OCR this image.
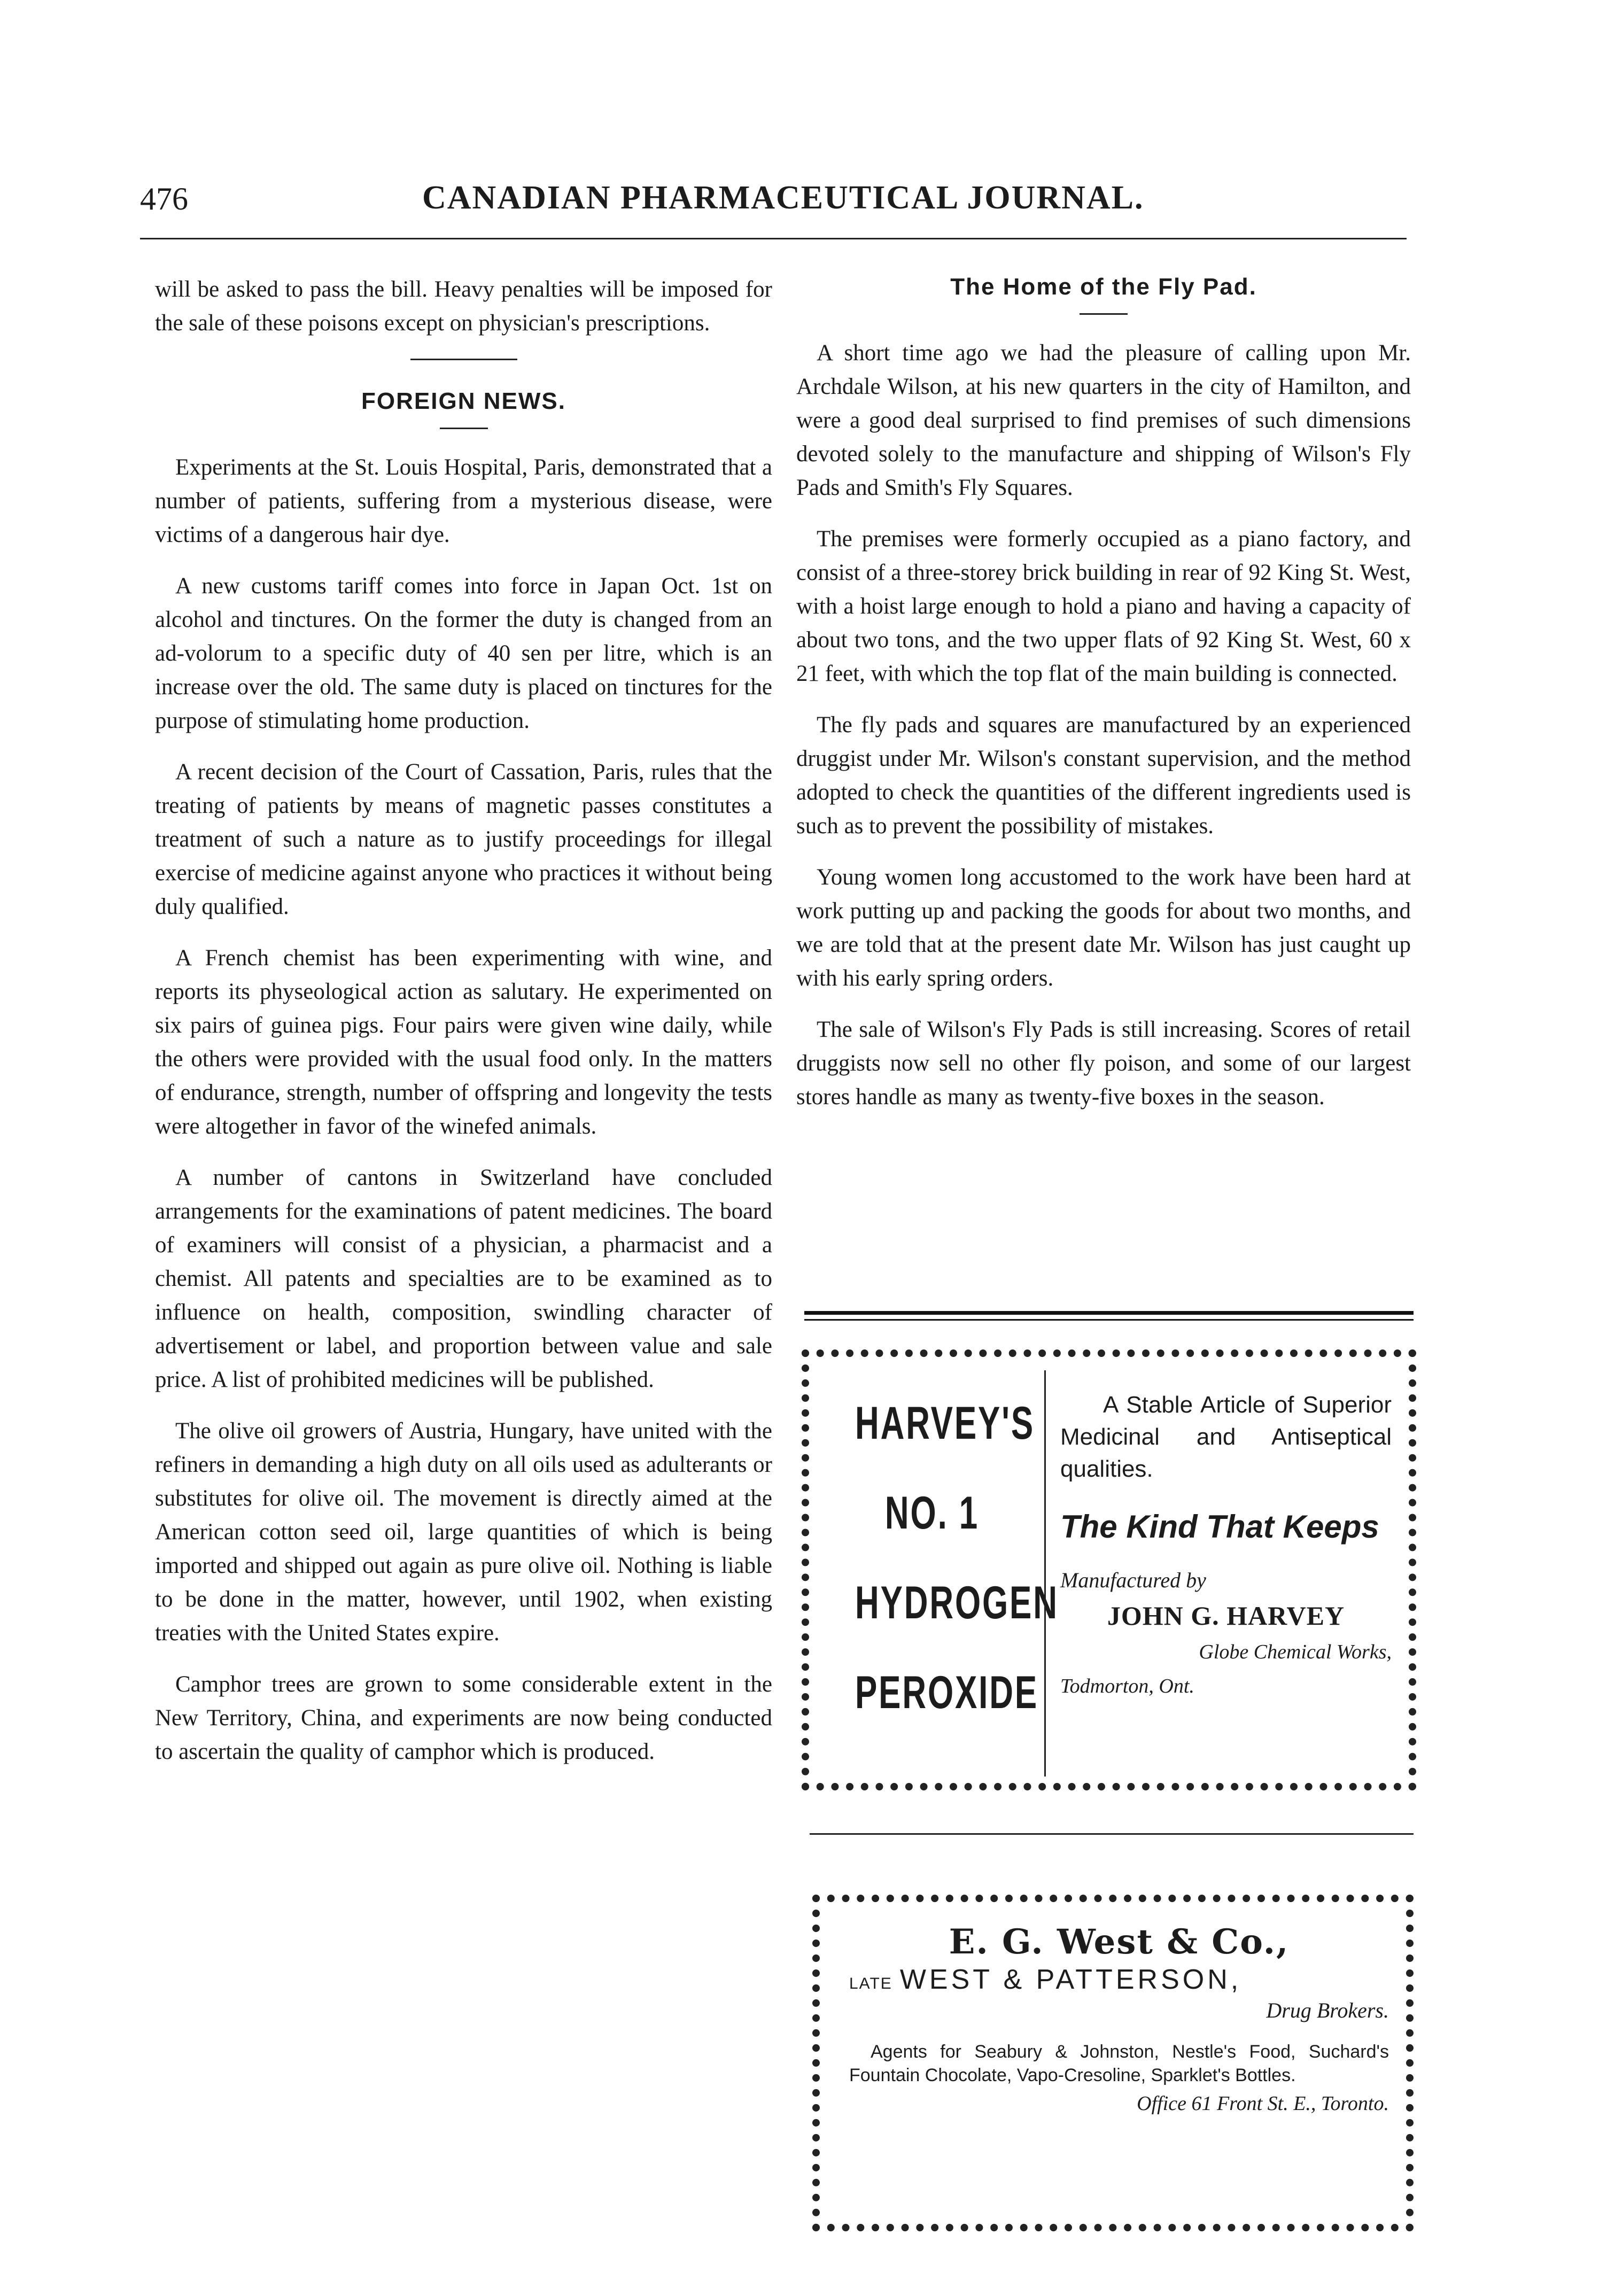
476	CANADIAN PHARMACEUTICAL JOURNAL.

will be asked to pass the bill. Heavy penalties will be imposed for the sale of these poisons except on physician's prescriptions.

FOREIGN NEWS.

Experiments at the St. Louis Hospital, Paris, demonstrated that a number of patients, suffering from a mysterious disease, were victims of a dangerous hair dye.

A new customs tariff comes into force in Japan Oct. 1st on alcohol and tinctures. On the former the duty is changed from an ad-volorum to a specific duty of 40 sen per litre, which is an increase over the old. The same duty is placed on tinctures for the purpose of stimulating home production.

A recent decision of the Court of Cassation, Paris, rules that the treating of patients by means of magnetic passes constitutes a treatment of such a nature as to justify proceedings for illegal exercise of medicine against anyone who practices it without being duly qualified.

A French chemist has been experimenting with wine, and reports its physeological action as salutary. He experimented on six pairs of guinea pigs. Four pairs were given wine daily, while the others were provided with the usual food only. In the matters of endurance, strength, number of offspring and longevity the tests were altogether in favor of the winefed animals.

A number of cantons in Switzerland have concluded arrangements for the examinations of patent medicines. The board of examiners will consist of a physician, a pharmacist and a chemist. All patents and specialties are to be examined as to influence on health, composition, swindling character of advertisement or label, and proportion between value and sale price. A list of prohibited medicines will be published.

The olive oil growers of Austria, Hungary, have united with the refiners in demanding a high duty on all oils used as adulterants or substitutes for olive oil. The movement is directly aimed at the American cotton seed oil, large quantities of which is being imported and shipped out again as pure olive oil. Nothing is liable to be done in the matter, however, until 1902, when existing treaties with the United States expire.

Camphor trees are grown to some considerable extent in the New Territory, China, and experiments are now being conducted to ascertain the quality of camphor which is produced.

The Home of the Fly Pad.

A short time ago we had the pleasure of calling upon Mr. Archdale Wilson, at his new quarters in the city of Hamilton, and were a good deal surprised to find premises of such dimensions devoted solely to the manufacture and shipping of Wilson's Fly Pads and Smith's Fly Squares.

The premises were formerly occupied as a piano factory, and consist of a three-storey brick building in rear of 92 King St. West, with a hoist large enough to hold a piano and having a capacity of about two tons, and the two upper flats of 92 King St. West, 60 x 21 feet, with which the top flat of the main building is connected.

The fly pads and squares are manufactured by an experienced druggist under Mr. Wilson's constant supervision, and the method adopted to check the quantities of the different ingredients used is such as to prevent the possibility of mistakes.

Young women long accustomed to the work have been hard at work putting up and packing the goods for about two months, and we are told that at the present date Mr. Wilson has just caught up with his early spring orders.

The sale of Wilson's Fly Pads is still increasing. Scores of retail druggists now sell no other fly poison, and some of our largest stores handle as many as twenty-five boxes in the season.

HARVEY'S
NO. 1
HYDROGEN
PEROXIDE

A Stable Article of Superior Medicinal and Antiseptical qualities.

The Kind That Keeps

Manufactured by

JOHN G. HARVEY

Globe Chemical Works,

Todmorton, Ont.

E. G. West & Co.,

LATE WEST & PATTERSON,

Drug Brokers.

Agents for Seabury & Johnston, Nestle's Food, Suchard's Fountain Chocolate, Vapo-Cresoline, Sparklet's Bottles.

Office 61 Front St. E., Toronto.
